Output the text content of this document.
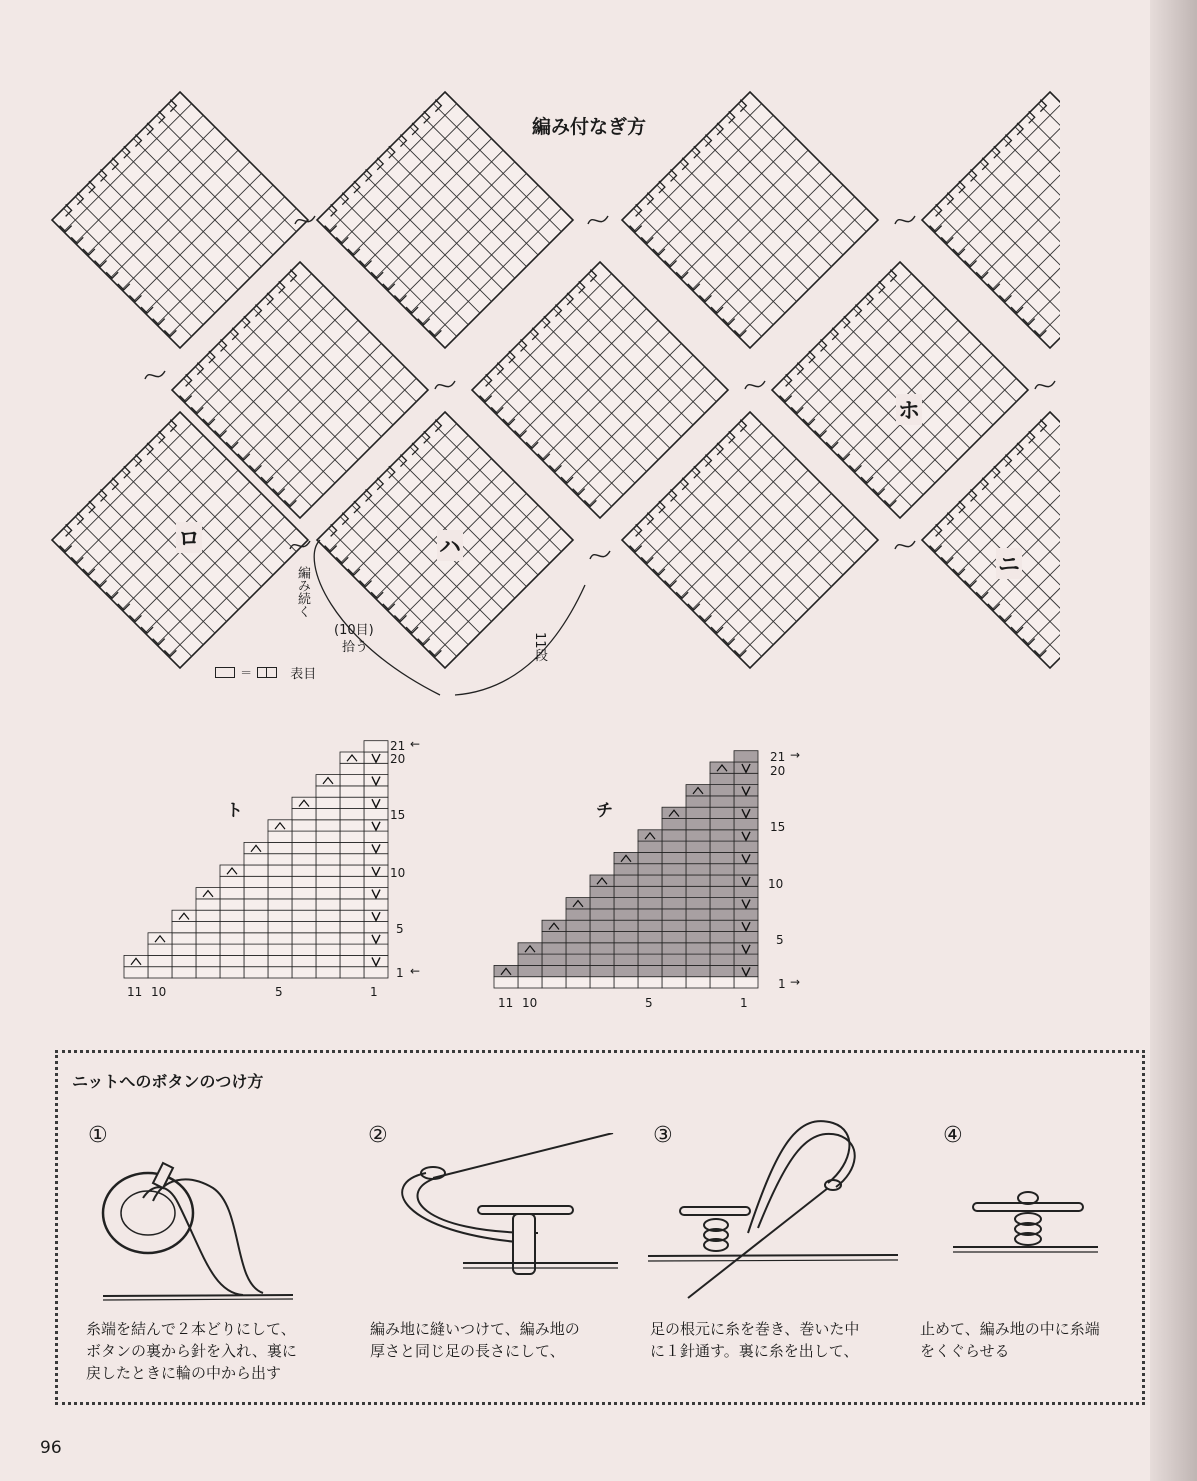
編み付なぎ方
ロ	ハ
ホ
ニ
編み続く
(10目)
拾う	11段
＝	表目
ト	チ
21 ←
20
15
10
5
1 ←
11 10	5	1
21 →
20
15
10
5
1 →
11 10	5	1
ニットへのボタンのつけ方
①	②	③	④
糸端を結んで２本どりにして、
ボタンの裏から針を入れ、裏に
戻したときに輪の中から出す
編み地に縫いつけて、編み地の
厚さと同じ足の長さにして、
足の根元に糸を巻き、巻いた中
に１針通す。裏に糸を出して、
止めて、編み地の中に糸端
をくぐらせる
96
